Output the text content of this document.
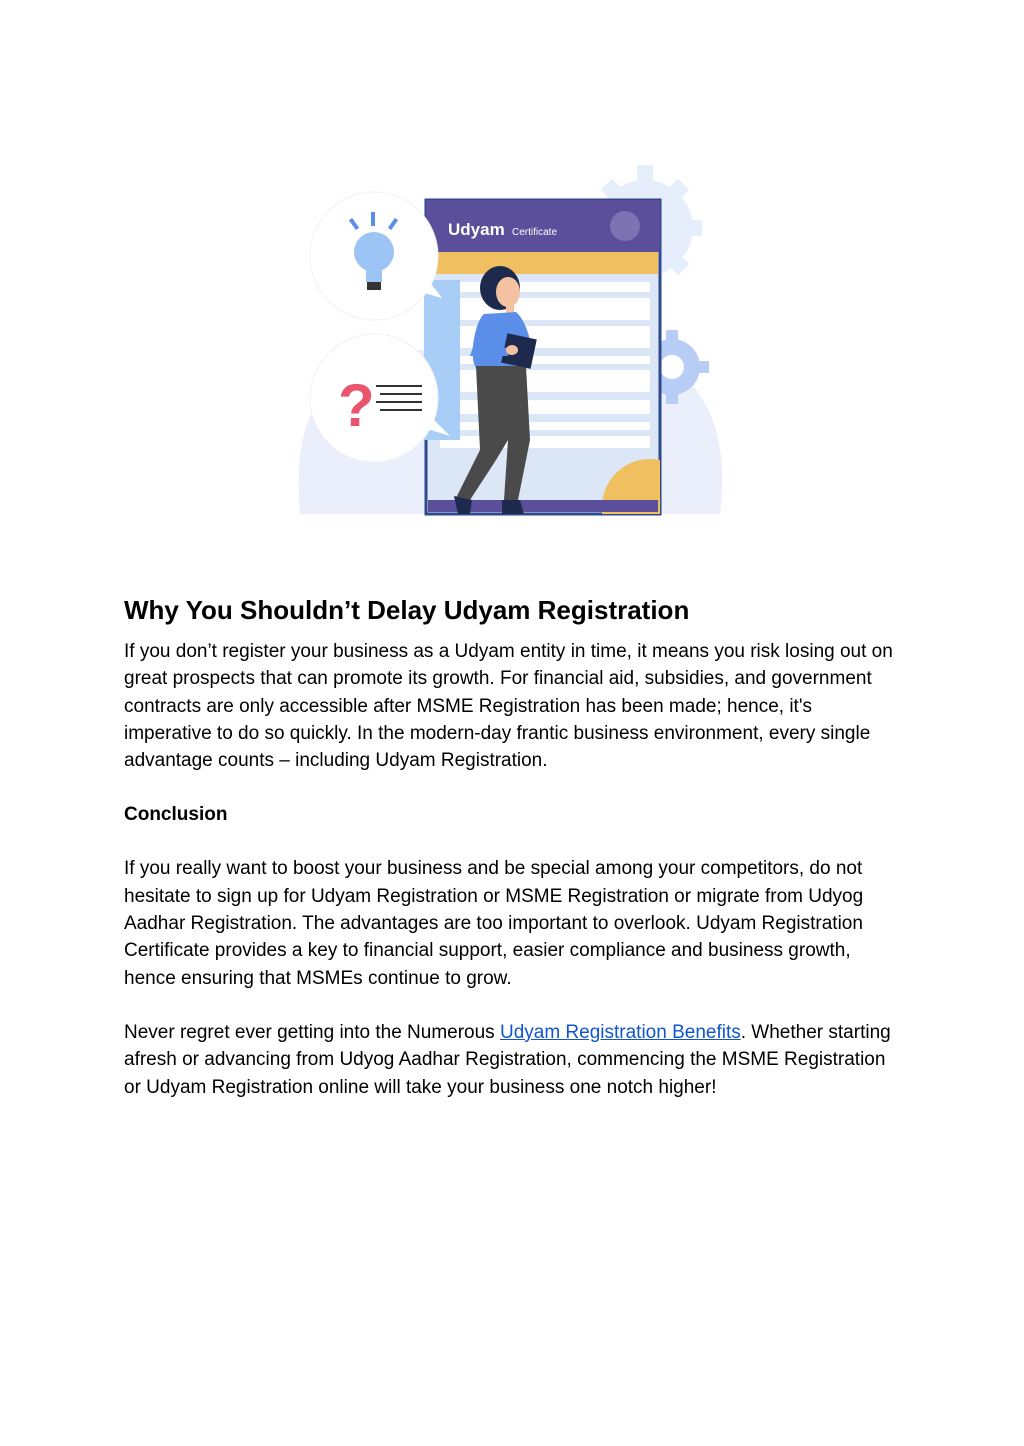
Udyam Certificate
?
Why You Shouldn’t Delay Udyam Registration

If you don’t register your business as a Udyam entity in time, it means you risk losing out on great prospects that can promote its growth. For financial aid, subsidies, and government contracts are only accessible after MSME Registration has been made; hence, it's imperative to do so quickly. In the modern-day frantic business environment, every single advantage counts – including Udyam Registration.

Conclusion

If you really want to boost your business and be special among your competitors, do not hesitate to sign up for Udyam Registration or MSME Registration or migrate from Udyog Aadhar Registration. The advantages are too important to overlook. Udyam Registration Certificate provides a key to financial support, easier compliance and business growth, hence ensuring that MSMEs continue to grow.

Never regret ever getting into the Numerous Udyam Registration Benefits. Whether starting afresh or advancing from Udyog Aadhar Registration, commencing the MSME Registration or Udyam Registration online will take your business one notch higher!
